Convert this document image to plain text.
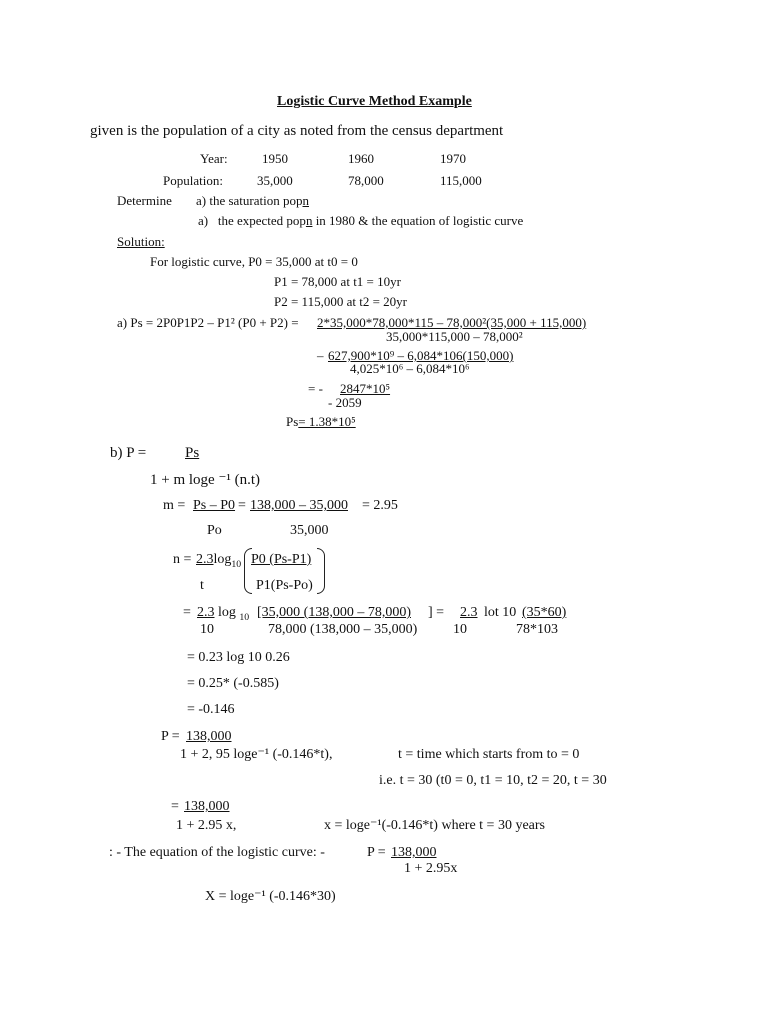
Logistic Curve Method Example
given is the population of a city as noted from the census department
Year:	1950	1960	1970
Population:	35,000	78,000	115,000
Determine a) the saturation popn
a) the expected popn in 1980 & the equation of logistic curve
Solution:
For logistic curve, P0 = 35,000 at t0 = 0
P1 = 78,000 at t1 = 10yr
P2 = 115,000 at t2 = 20yr
a) Ps = 2P0P1P2 – P1² (P0 + P2) = 2*35,000*78,000*115 – 78,000²(35,000 + 115,000)
35,000*115,000 – 78,000²
– 627,900*10⁹ – 6,084*106(150,000)
4,025*10⁶ – 6,084*10⁶
= - 2847*10⁵
- 2059
Ps= 1.38*10⁵
b) P =	Ps
1 + m loge ⁻¹ (n.t)
m = Ps – P0 = 138,000 – 35,000 = 2.95
Po	35,000
$n = 2.3\log_{10}$ P0 (Ps-P1)
t	P1(Ps-Po)
= 2.3 log $_{10}$ [35,000 (138,000 – 78,000) ] = 2.3 lot 10 (35*60)
10	78,000 (138,000 – 35,000)	10	78*103
= 0.23 log 10 0.26
= 0.25* (-0.585)
= -0.146
P = 138,000
1 + 2, 95 loge⁻¹ (-0.146*t),	t = time which starts from to = 0
i.e. t = 30 (t0 = 0, t1 = 10, t2 = 20, t = 30
= 138,000
1 + 2.95 x,	x = loge⁻¹(-0.146*t) where t = 30 years
: - The equation of the logistic curve: -	P = 138,000
1 + 2.95x
X = loge⁻¹ (-0.146*30)
